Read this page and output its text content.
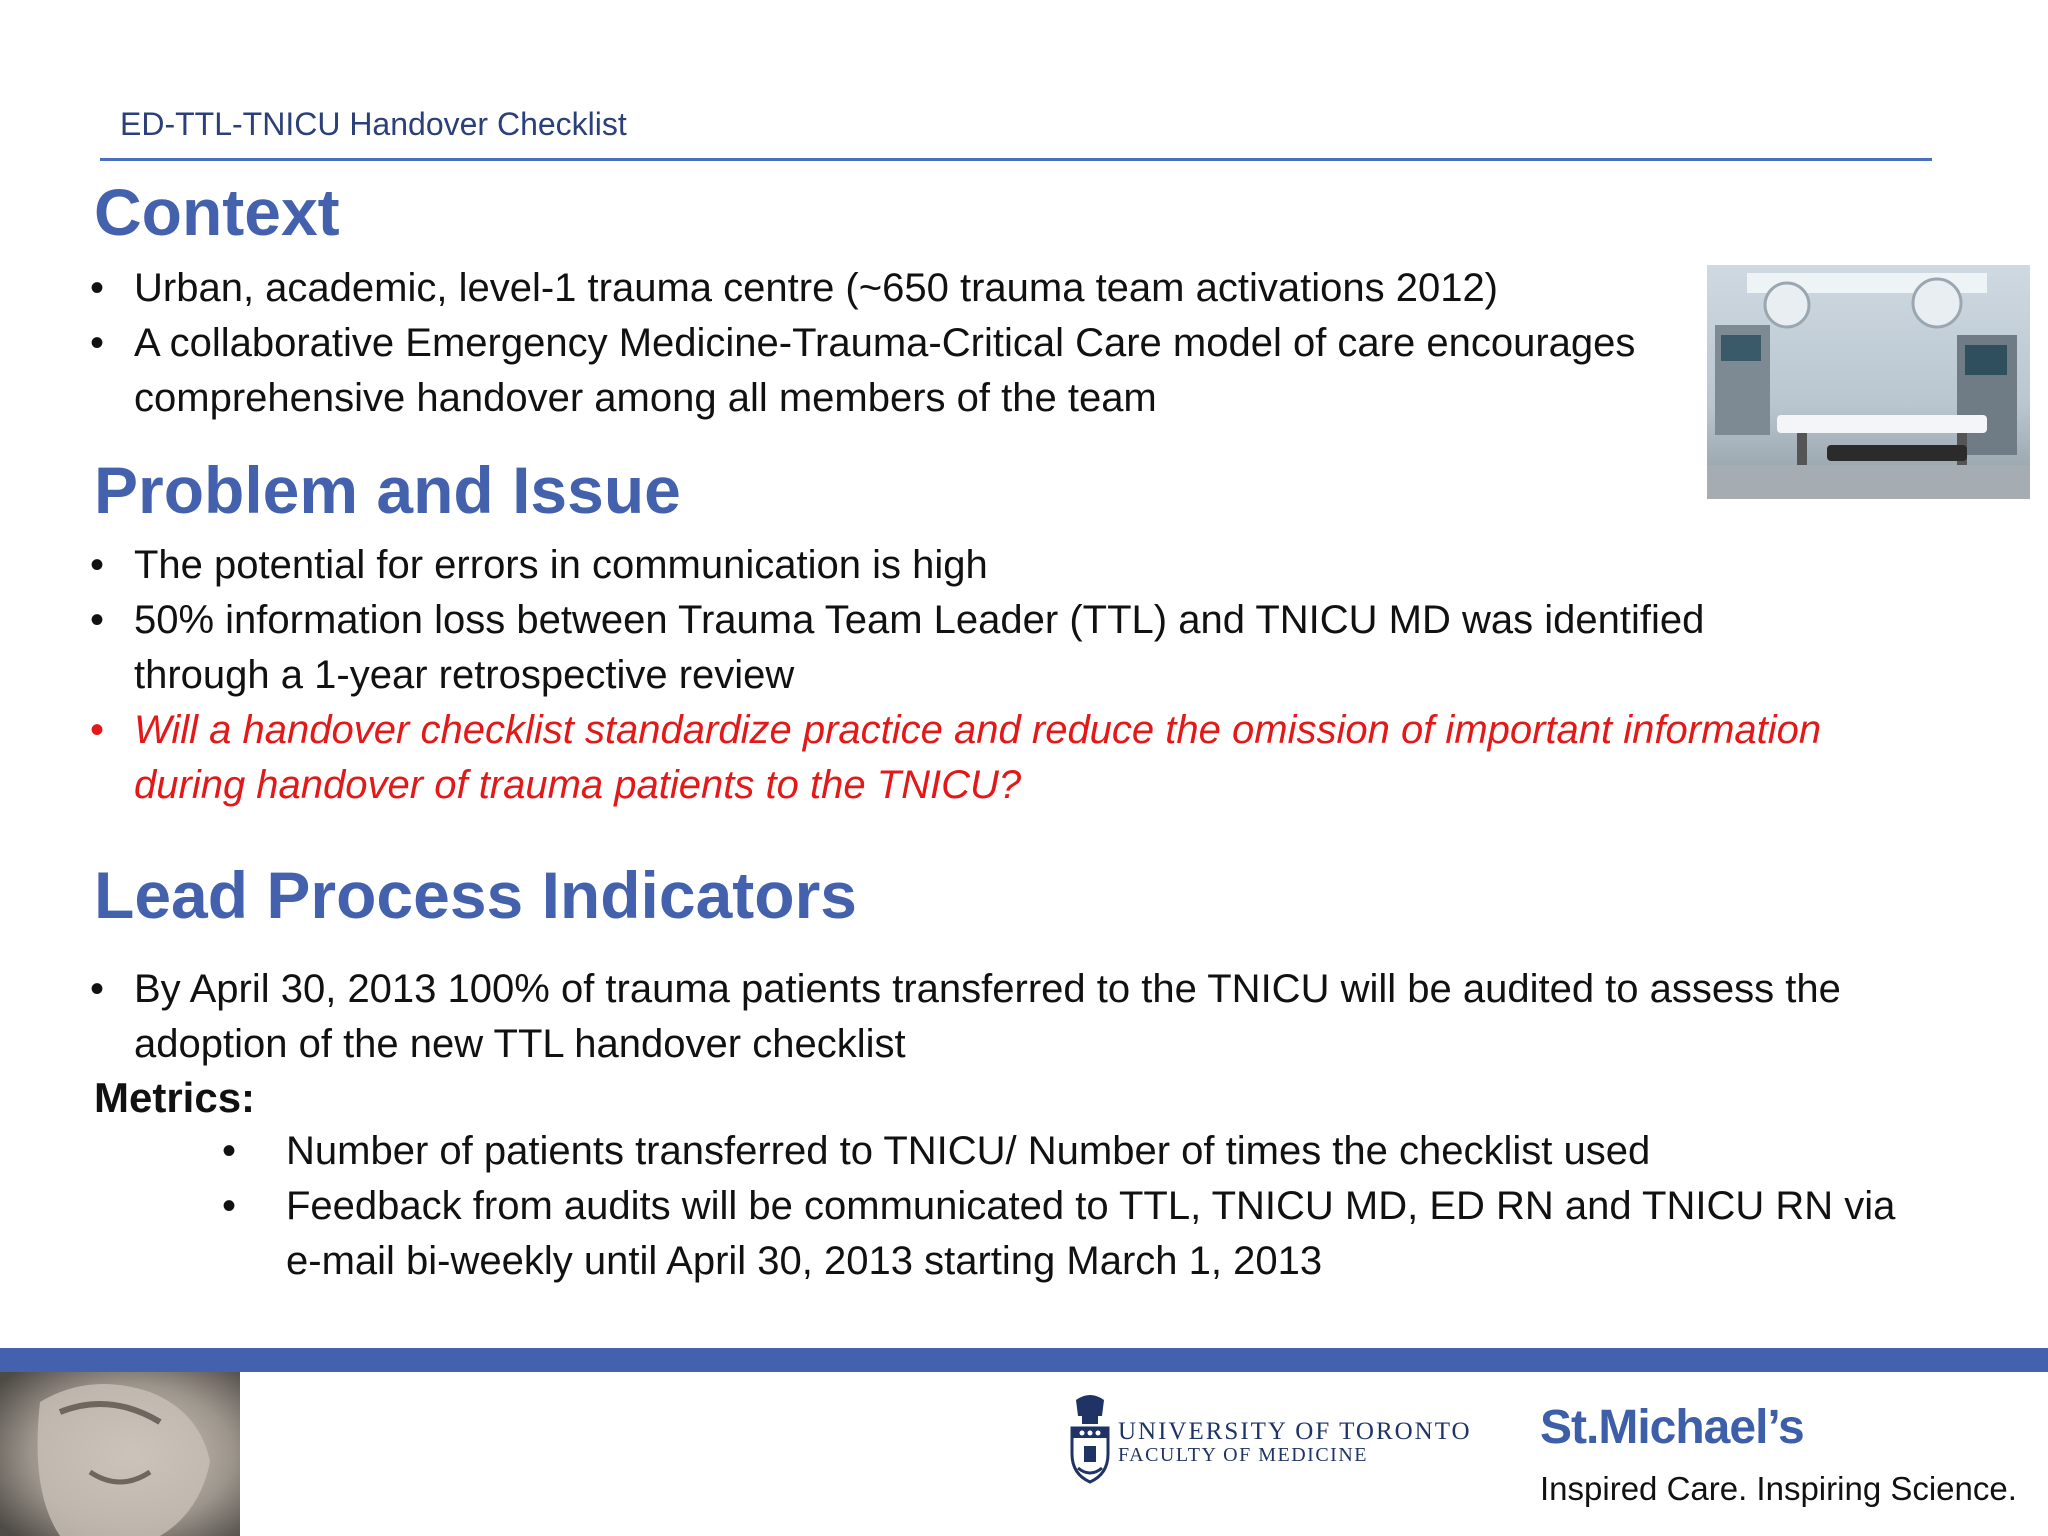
ED-TTL-TNICU Handover Checklist
Context
• Urban, academic, level-1 trauma centre (~650 trauma team activations 2012)
• A collaborative Emergency Medicine-Trauma-Critical Care model of care encourages comprehensive handover among all members of the team
Problem and Issue
• The potential for errors in communication is high
• 50% information loss between Trauma Team Leader (TTL) and TNICU MD was identified through a 1-year retrospective review
• Will a handover checklist standardize practice and reduce the omission of important information during handover of trauma patients to the TNICU?
Lead Process Indicators
• By April 30, 2013 100% of trauma patients transferred to the TNICU will be audited to assess the adoption of the new TTL handover checklist
Metrics:
• Number of patients transferred to TNICU/ Number of times the checklist used
• Feedback from audits will be communicated to TTL, TNICU MD, ED RN and TNICU RN via e-mail bi-weekly until April 30, 2013 starting March 1, 2013
UNIVERSITY OF TORONTO
FACULTY OF MEDICINE
St.Michael’s
Inspired Care. Inspiring Science.
